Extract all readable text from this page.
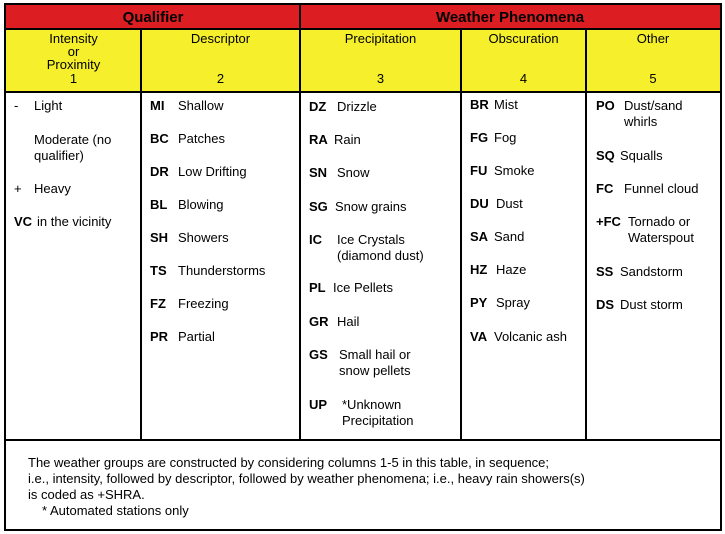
Qualifier	Weather Phenomena
Intensity
or
Proximity
1
Descriptor
2
Precipitation
3
Obscuration
4
Other
5
- Light
Moderate (no
qualifier)
+ Heavy
VC in the vicinity
MI Shallow
BC Patches
DR Low Drifting
BL Blowing
SH Showers
TS Thunderstorms
FZ Freezing
PR Partial
DZ Drizzle
RA Rain
SN Snow
SG Snow grains
IC Ice Crystals
(diamond dust)
PL Ice Pellets
GR Hail
GS Small hail or
snow pellets
UP *Unknown
Precipitation
BR Mist
FG Fog
FU Smoke
DU Dust
SA Sand
HZ Haze
PY Spray
VA Volcanic ash
PO Dust/sand
whirls
SQ Squalls
FC Funnel cloud
+FC Tornado or
Waterspout
SS Sandstorm
DS Dust storm
The weather groups are constructed by considering columns 1-5 in this table, in sequence;
i.e., intensity, followed by descriptor, followed by weather phenomena; i.e., heavy rain showers(s)
is coded as +SHRA.
* Automated stations only
